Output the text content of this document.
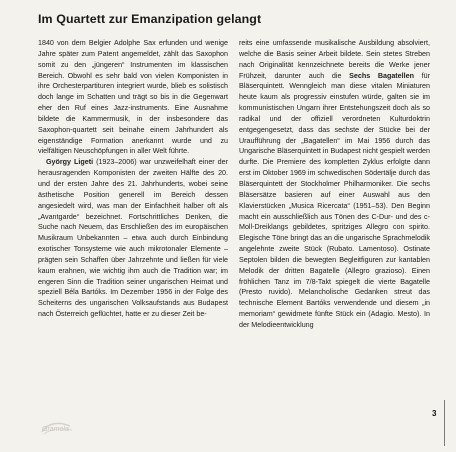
Im Quartett zur Emanzipation gelangt

1840 von dem Belgier Adolphe Sax erfunden und wenige Jahre später zum Patent angemeldet, zählt das Saxophon somit zu den „jüngeren“ Instrumenten im klassischen Bereich. Obwohl es sehr bald von vielen Komponisten in ihre Orchesterpartituren integriert wurde, blieb es solistisch doch lange im Schatten und trägt so bis in die Gegenwart eher den Ruf eines Jazz-instruments. Eine Ausnahme bildete die Kammermusik, in der insbesondere das Saxophon-quartett seit beinahe einem Jahrhundert als eigenständige Formation anerkannt wurde und zu vielfältigen Neuschöpfungen in aller Welt führte.

György Ligeti (1923–2006) war unzweifelhaft einer der herausragenden Komponisten der zweiten Hälfte des 20. und der ersten Jahre des 21. Jahrhunderts, wobei seine ästhetische Position generell im Bereich dessen angesiedelt wird, was man der Einfachheit halber oft als „Avantgarde“ bezeichnet. Fortschrittliches Denken, die Suche nach Neuem, das Erschließen des im europäischen Musikraum Unbekannten – etwa auch durch Einbindung exotischer Tonsysteme wie auch mikrotonaler Elemente – prägten sein Schaffen über Jahrzehnte und ließen für viele kaum erahnen, wie wichtig ihm auch die Tradition war; im engeren Sinn die Tradition seiner ungarischen Heimat und speziell Béla Bartóks. Im Dezember 1956 in der Folge des Scheiterns des ungarischen Volksaufstands aus Budapest nach Österreich geflüchtet, hatte er zu dieser Zeit be-

reits eine umfassende musikalische Ausbildung absolviert, welche die Basis seiner Arbeit bildete. Sein stetes Streben nach Originalität kennzeichnete bereits die Werke jener Frühzeit, darunter auch die Sechs Bagatellen für Bläserquintett. Wenngleich man diese vitalen Miniaturen heute kaum als progressiv einstufen würde, galten sie im kommunistischen Ungarn ihrer Entstehungszeit doch als so radikal und der offiziell verordneten Kulturdoktrin entgegengesetzt, dass das sechste der Stücke bei der Uraufführung der „Bagatellen“ im Mai 1956 durch das Ungarische Bläserquintett in Budapest nicht gespielt werden durfte. Die Premiere des kompletten Zyklus erfolgte dann erst im Oktober 1969 im schwedischen Södertälje durch das Bläserquintett der Stockholmer Philharmoniker. Die sechs Bläsersätze basieren auf einer Auswahl aus den Klavierstücken „Musica Ricercata“ (1951–53). Den Beginn macht ein ausschließlich aus Tönen des C-Dur- und des c-Moll-Dreiklangs gebildetes, spritziges Allegro con spirito. Elegische Töne bringt das an die ungarische Sprachmelodik angelehnte zweite Stück (Rubato. Lamentoso). Ostinate Septolen bilden die bewegten Begleitfiguren zur kantablen Melodik der dritten Bagatelle (Allegro grazioso). Einen fröhlichen Tanz im 7/8-Takt spiegelt die vierte Bagatelle (Presto ruvido). Melancholische Gedanken streut das technische Element Bartóks verwendende und diesem „in memoriam“ gewidmete fünfte Stück ein (Adagio. Mesto). In der Melodieentwicklung

Gramola
3
